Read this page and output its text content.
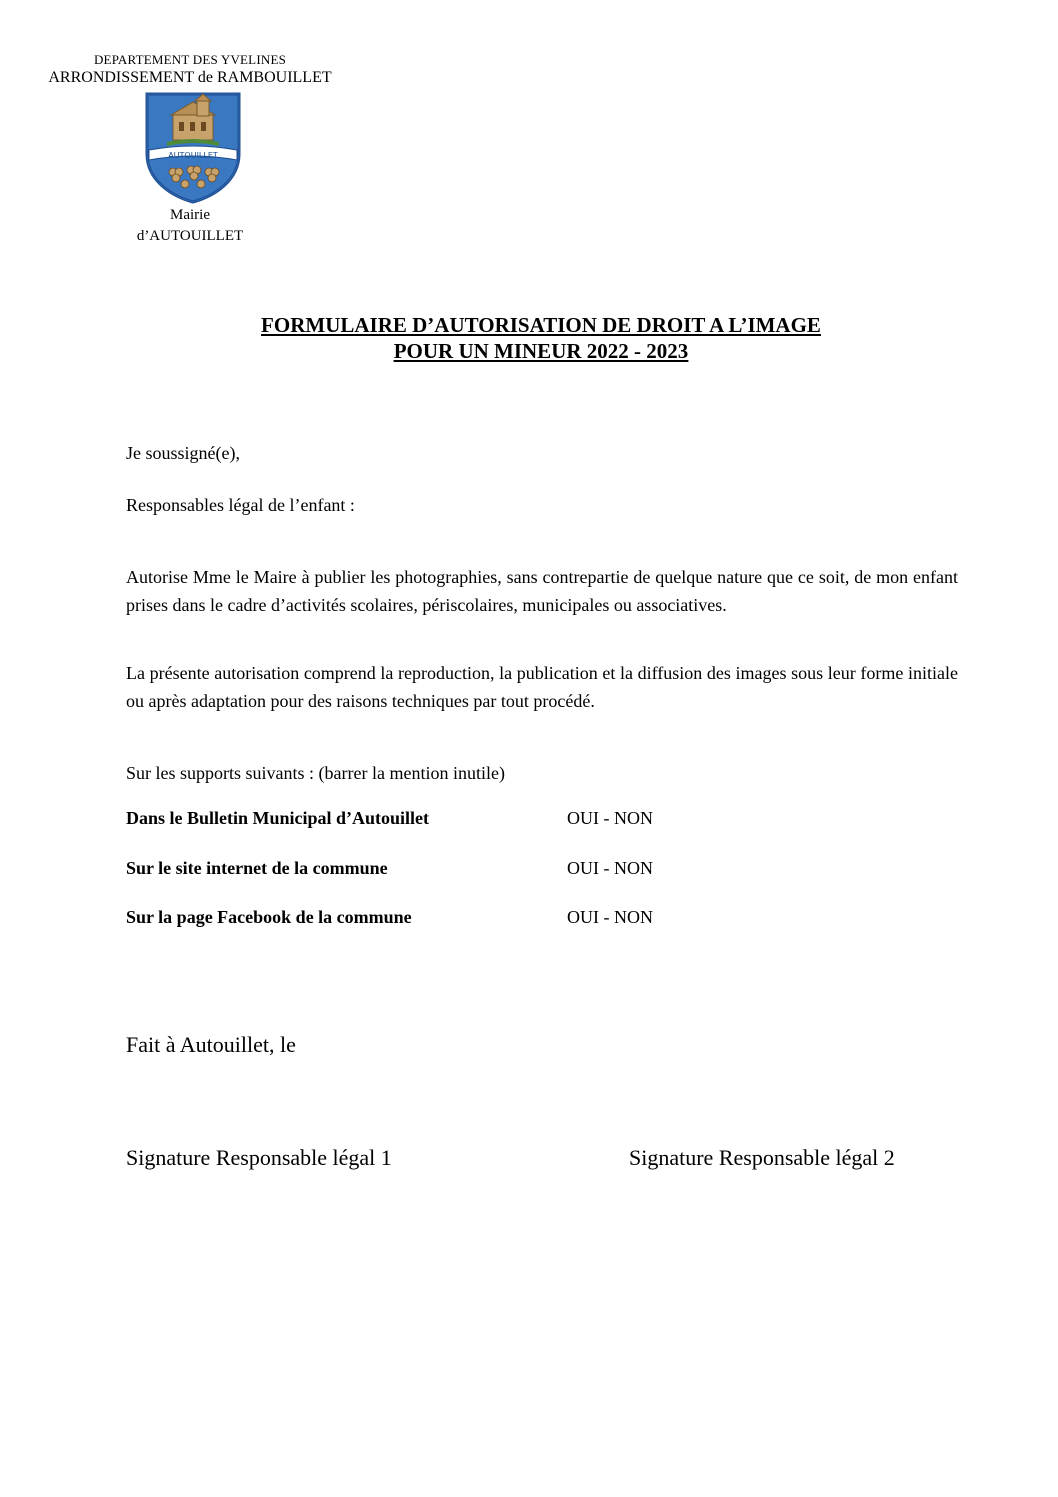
DEPARTEMENT DES YVELINES
ARRONDISSEMENT de RAMBOUILLET
AUTOUILLET
Mairie
d’AUTOUILLET
FORMULAIRE D’AUTORISATION DE DROIT A L’IMAGE
POUR UN MINEUR 2022 - 2023
Je soussigné(e),
Responsables légal de l’enfant :
Autorise Mme le Maire à publier les photographies, sans contrepartie de quelque nature que ce soit, de mon enfant prises dans le cadre d’activités scolaires, périscolaires, municipales ou associatives.
La présente autorisation comprend la reproduction, la publication et la diffusion des images sous leur forme initiale ou après adaptation pour des raisons techniques par tout procédé.
Sur les supports suivants : (barrer la mention inutile)
Dans le Bulletin Municipal d’Autouillet	OUI - NON
Sur le site internet de la commune	OUI - NON
Sur la page Facebook de la commune	OUI - NON
Fait à Autouillet, le
Signature Responsable légal 1	Signature Responsable légal 2
